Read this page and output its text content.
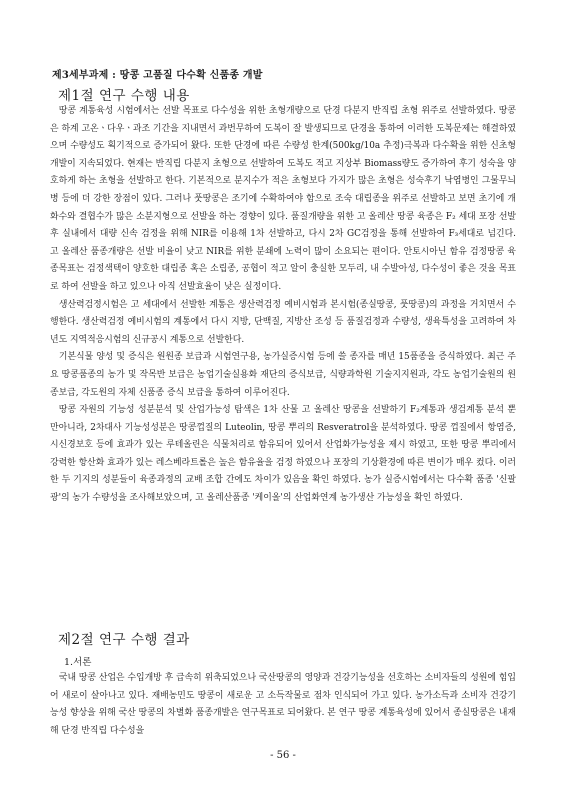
제3세부과제 : 땅콩 고품질 다수확 신품종 개발
제1절 연구 수행 내용

땅콩 계통육성 시험에서는 선발 목표로 다수성을 위한 초형개량으로 단경 다분지 반직립 초형 위주로 선발하였다. 땅콩은 하계 고온ㆍ다우ㆍ과조 기간을 지내면서 과번무하여 도복이 잘 발생되므로 단경을 통하여 이러한 도복문제는 해결하였으며 수량성도 획기적으로 증가되어 왔다. 또한 단경에 따른 수량성 한계(500kg/10a 추정)극복과 다수확을 위한 신초형 개발이 지속되었다. 현재는 반직립 다분지 초형으로 선발하여 도복도 적고 지상부 Biomass량도 증가하여 후기 성숙을 양호하게 하는 초형을 선발하고 한다. 기본적으로 분지수가 적은 초형보다 가지가 많은 초형은 성숙후기 낙엽병인 그물무늬병 등에 더 강한 장점이 있다. 그러나 풋땅콩은 조기에 수확하여야 함으로 조숙 대립종을 위주로 선발하고 보면 초기에 개화수와 결협수가 많은 소분지형으로 선발을 하는 경향이 있다. 품질개량을 위한 고 올레산 땅콩 육종은 F₂ 세대 포장 선발 후 실내에서 대량 신속 검정을 위해 NIR를 이용해 1차 선발하고, 다시 2차 GC검정을 통해 선발하여 F₃세대로 넘긴다. 고 올레산 품종개량은 선발 비율이 낮고 NIR를 위한 분쇄에 노력이 많이 소요되는 편이다. 안토시아닌 함유 검정땅콩 육종목표는 검정색택이 양호한 대립종 혹은 소립종, 공협이 적고 알이 충실한 모두리, 내 수발아성, 다수성이 좋은 것을 목표로 하여 선발을 하고 있으나 아직 선발효율이 낮은 실정이다.

생산력검정시험은 고 세대에서 선발한 계통은 생산력검정 예비시험과 본시험(종실땅콩, 풋땅콩)의 과정을 거치면서 수행한다. 생산력검정 예비시험의 계통에서 다시 지방, 단백질, 지방산 조성 등 품질검정과 수량성, 생육특성을 고려하여 차년도 지역적응시험의 신규공시 계통으로 선발한다.

기본식물 양성 및 증식은 원원종 보급과 시험연구용, 농가실증시험 등에 쓸 종자를 매년 15품종을 증식하였다. 최근 주요 땅콩품종의 농가 및 작목반 보급은 농업기술실용화 재단의 증식보급, 식량과학원 기술지지원과, 각도 농업기술원의 원종보급, 각도원의 자체 신품종 증식 보급을 통하여 이루어진다.

땅콩 자원의 기능성 성분분석 및 산업가능성 탐색은 1차 산물 고 올레산 땅콩을 선발하기 F₂계통과 생검계통 분석 뿐 만아니라, 2차대사 기능성성분은 땅콩껍질의 Luteolin, 땅콩 뿌리의 Resveratrol을 분석하였다. 땅콩 껍질에서 항염증, 시신경보호 등에 효과가 있는 루테올린은 식물처리로 함유되어 있어서 산업화가능성을 제시 하였고, 또한 땅콩 뿌리에서 강력한 항산화 효과가 있는 레스베라트롤은 높은 함유율을 검정 하였으나 포장의 기상환경에 따른 변이가 매우 컸다. 이러한 두 기지의 성분들이 육종과정의 교배 조합 간에도 차이가 있음을 확인 하였다. 농가 실증시험에서는 다수확 품종 '신팔광'의 농가 수량성을 조사해보았으며, 고 올레산품종 '케이올'의 산업화연계 농가생산 가능성을 확인 하였다.

제2절 연구 수행 결과
1.서론

국내 땅콩 산업은 수입개방 후 급속히 위축되었으나 국산땅콩의 영양과 건강기능성을 선호하는 소비자들의 성원에 힘입어 새로이 살아나고 있다. 재배농민도 땅콩이 새로운 고 소득작물로 점차 인식되어 가고 있다. 농가소득과 소비자 건강기능성 향상을 위해 국산 땅콩의 차별화 품종개발은 연구목표로 되어왔다. 본 연구 땅콩 계통육성에 있어서 종실땅콩은 내재해 단경 반직립 다수성을

- 56 -
